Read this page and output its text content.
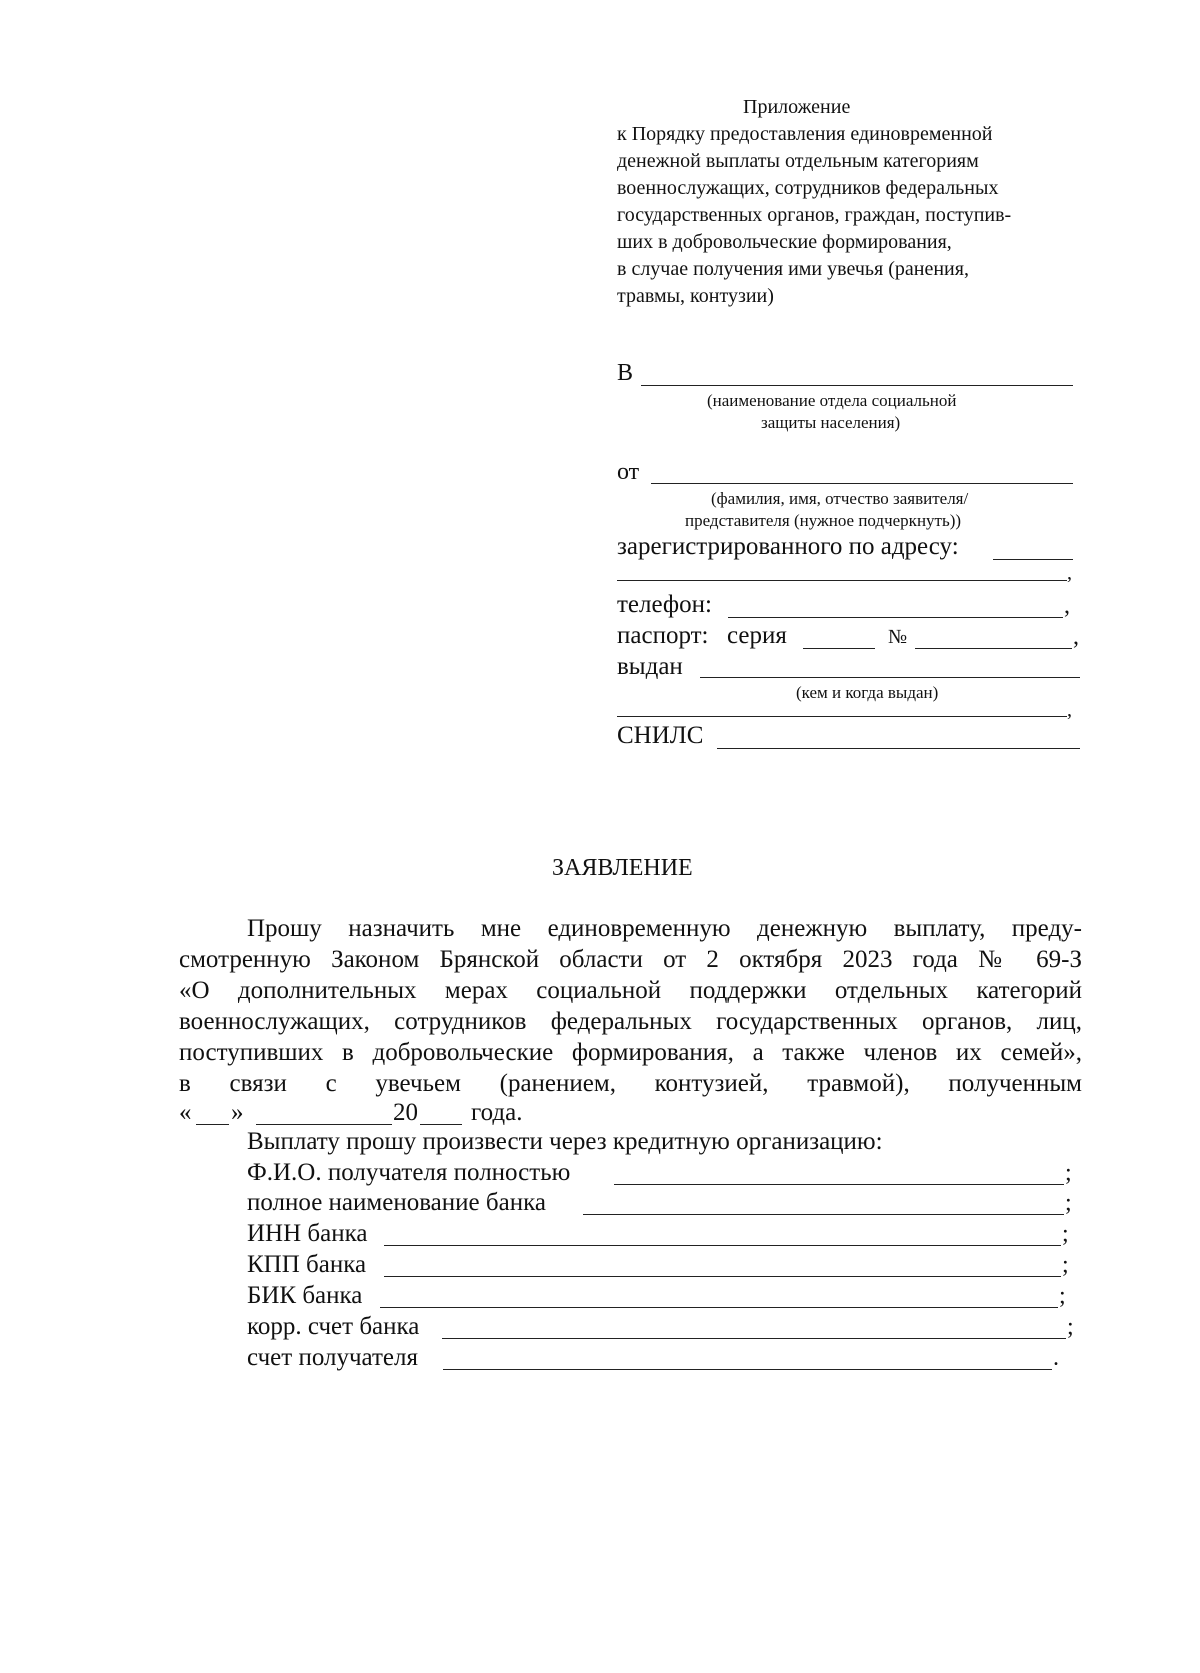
Приложение
к Порядку предоставления единовременной
денежной выплаты отдельным категориям
военнослужащих, сотрудников федеральных
государственных органов, граждан, поступив-
ших в добровольческие формирования,
в случае получения ими увечья (ранения,
травмы, контузии)
В
(наименование отдела социальной
защиты населения)
от
(фамилия, имя, отчество заявителя/
представителя (нужное подчеркнуть))
зарегистрированного по адресу:
,
телефон:	,
паспорт: серия	№	,
выдан
(кем и когда выдан)
,
СНИЛС
ЗАЯВЛЕНИЕ
Прошу назначить мне единовременную денежную выплату, преду-
смотренную Законом Брянской области от 2 октября 2023 года № 69-З
«О дополнительных мерах социальной поддержки отдельных категорий
военнослужащих, сотрудников федеральных государственных органов, лиц,
поступивших в добровольческие формирования, а также членов их семей»,
в связи с увечьем (ранением, контузией, травмой), полученным
« »	20 года.
Выплату прошу произвести через кредитную организацию:
Ф.И.О. получателя полностью	;
полное наименование банка	;
ИНН банка	;
КПП банка	;
БИК банка	;
корр. счет банка	;
счет получателя	.
